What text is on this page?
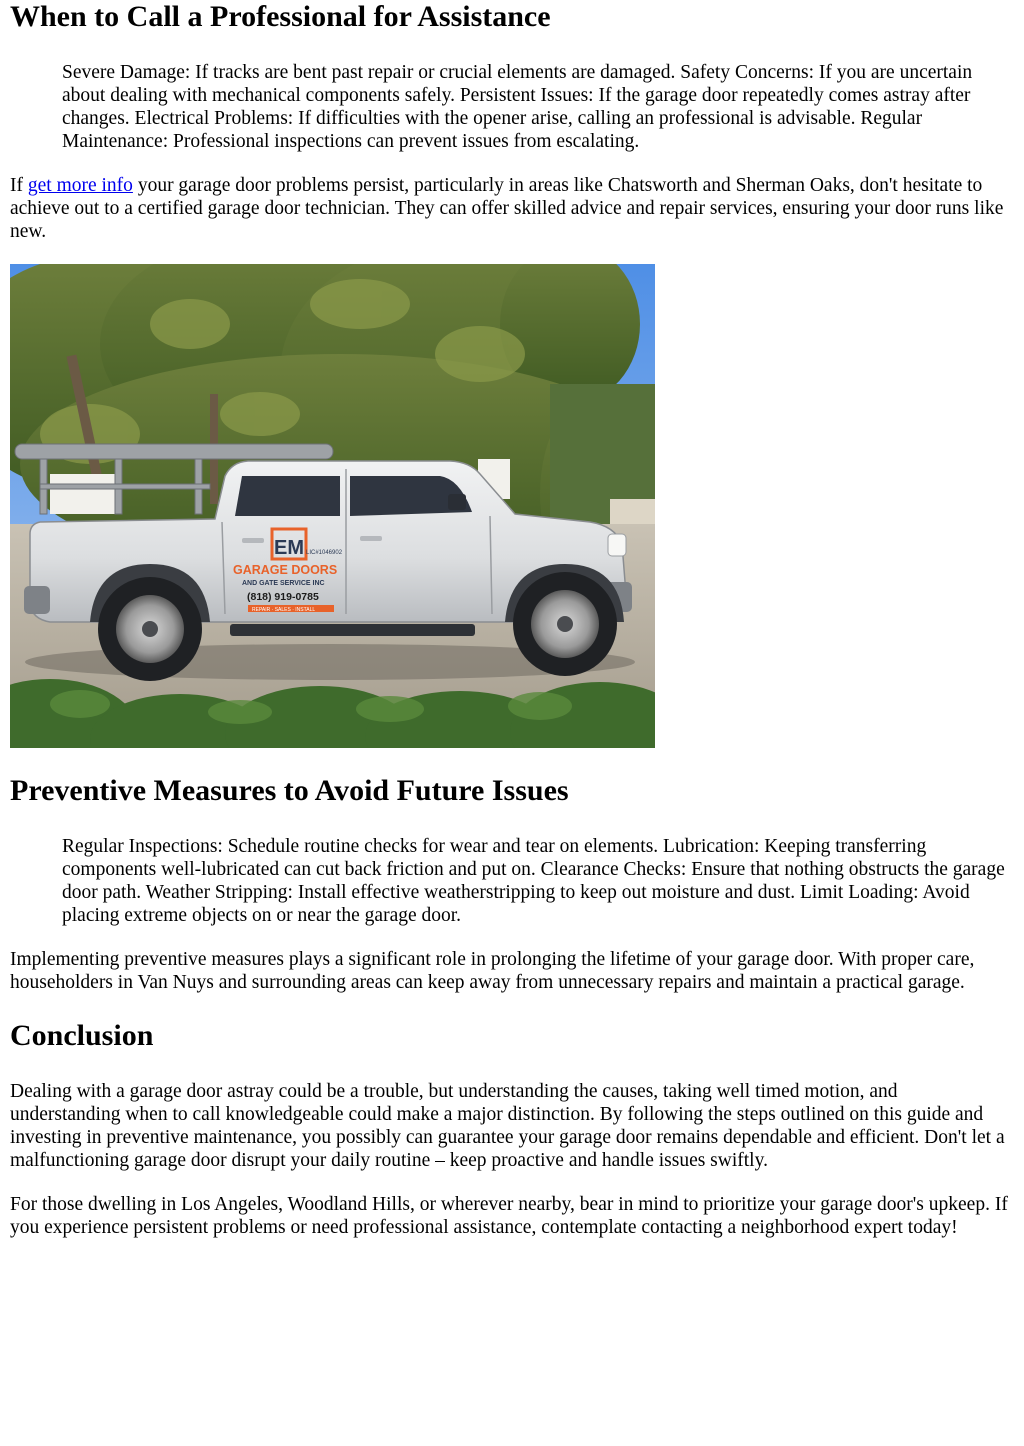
When to Call a Professional for Assistance
Severe Damage: If tracks are bent past repair or crucial elements are damaged. Safety Concerns: If you are uncertain about dealing with mechanical components safely. Persistent Issues: If the garage door repeatedly comes astray after changes. Electrical Problems: If difficulties with the opener arise, calling an professional is advisable. Regular Maintenance: Professional inspections can prevent issues from escalating.

If get more info your garage door problems persist, particularly in areas like Chatsworth and Sherman Oaks, don't hesitate to achieve out to a certified garage door technician. They can offer skilled advice and repair services, ensuring your door runs like new.

EM LIC#1046902
GARAGE DOORS
AND GATE SERVICE INC
(818) 919-0785
REPAIR · SALES · INSTALL
Preventive Measures to Avoid Future Issues
Regular Inspections: Schedule routine checks for wear and tear on elements. Lubrication: Keeping transferring components well-lubricated can cut back friction and put on. Clearance Checks: Ensure that nothing obstructs the garage door path. Weather Stripping: Install effective weatherstripping to keep out moisture and dust. Limit Loading: Avoid placing extreme objects on or near the garage door.

Implementing preventive measures plays a significant role in prolonging the lifetime of your garage door. With proper care, householders in Van Nuys and surrounding areas can keep away from unnecessary repairs and maintain a practical garage.

Conclusion

Dealing with a garage door astray could be a trouble, but understanding the causes, taking well timed motion, and understanding when to call knowledgeable could make a major distinction. By following the steps outlined on this guide and investing in preventive maintenance, you possibly can guarantee your garage door remains dependable and efficient. Don't let a malfunctioning garage door disrupt your daily routine – keep proactive and handle issues swiftly.

For those dwelling in Los Angeles, Woodland Hills, or wherever nearby, bear in mind to prioritize your garage door's upkeep. If you experience persistent problems or need professional assistance, contemplate contacting a neighborhood expert today!
